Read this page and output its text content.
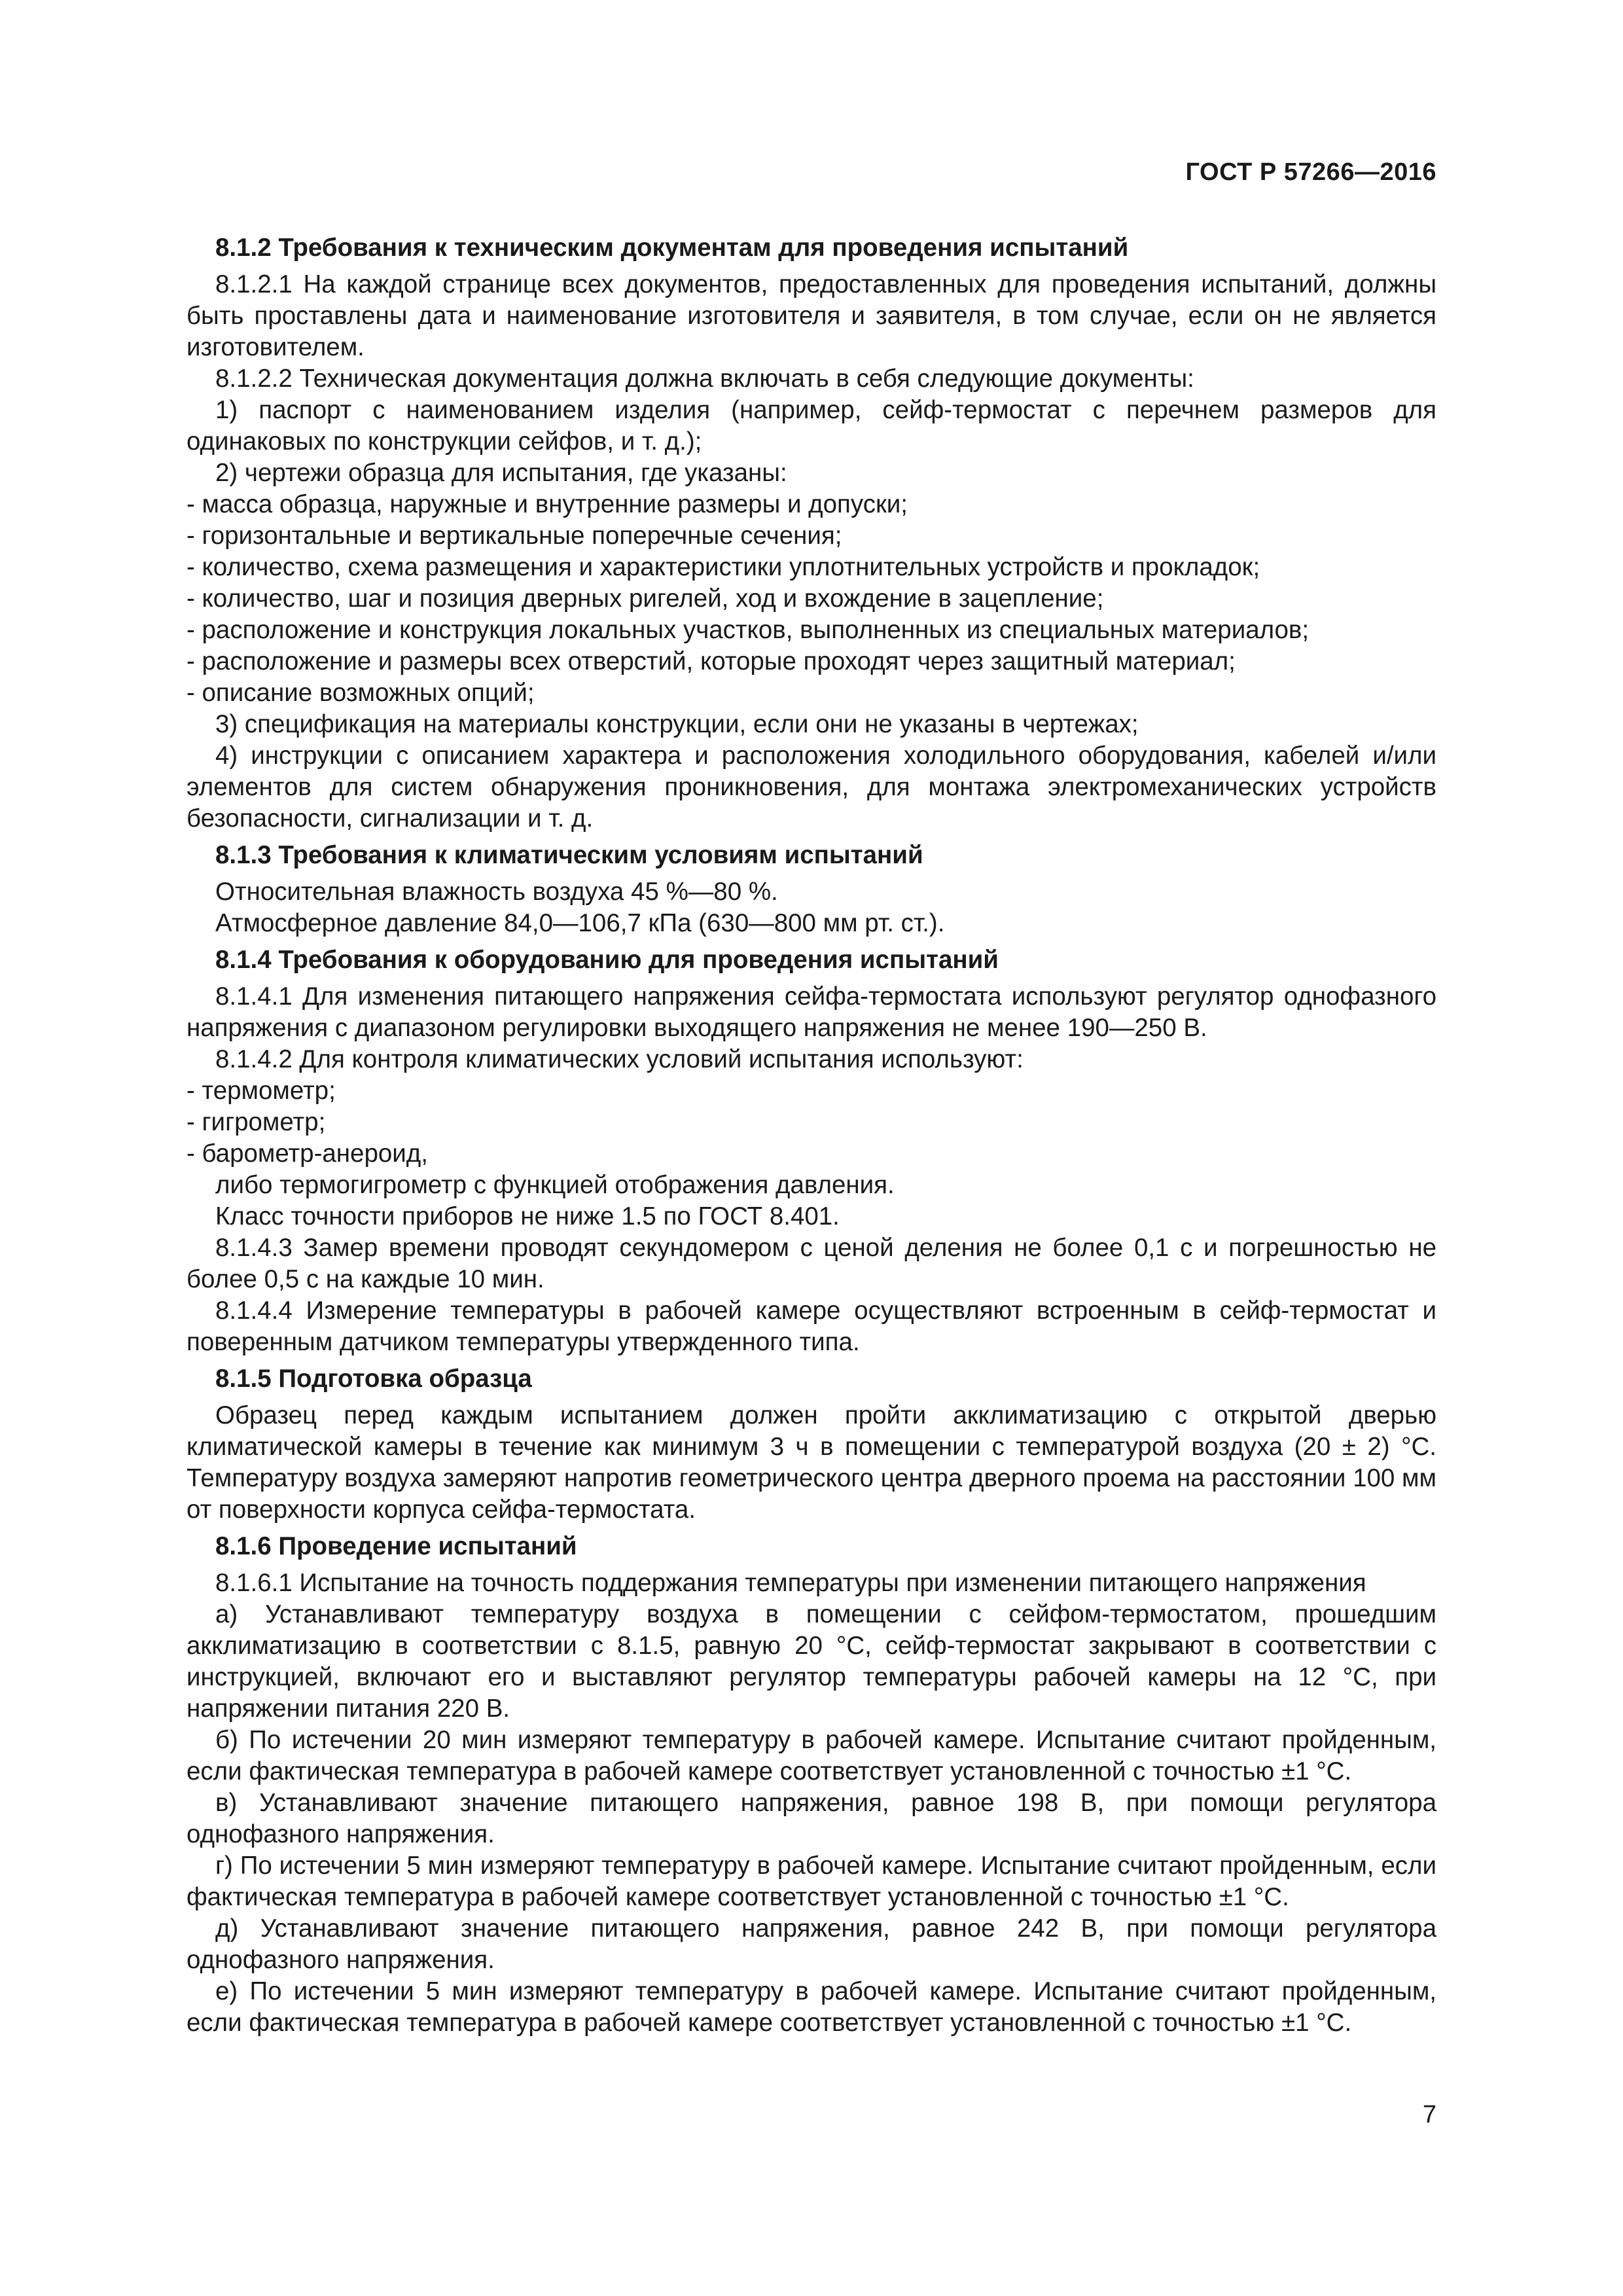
ГОСТ Р 57266—2016

8.1.2 Требования к техническим документам для проведения испытаний

8.1.2.1 На каждой странице всех документов, предоставленных для проведения испытаний, должны быть проставлены дата и наименование изготовителя и заявителя, в том случае, если он не является изготовителем.

8.1.2.2 Техническая документация должна включать в себя следующие документы:

1) паспорт с наименованием изделия (например, сейф-термостат с перечнем размеров для одинаковых по конструкции сейфов, и т. д.);

2) чертежи образца для испытания, где указаны:

- масса образца, наружные и внутренние размеры и допуски;

- горизонтальные и вертикальные поперечные сечения;

- количество, схема размещения и характеристики уплотнительных устройств и прокладок;

- количество, шаг и позиция дверных ригелей, ход и вхождение в зацепление;

- расположение и конструкция локальных участков, выполненных из специальных материалов;

- расположение и размеры всех отверстий, которые проходят через защитный материал;

- описание возможных опций;

3) спецификация на материалы конструкции, если они не указаны в чертежах;

4) инструкции с описанием характера и расположения холодильного оборудования, кабелей и/или элементов для систем обнаружения проникновения, для монтажа электромеханических устройств безопасности, сигнализации и т. д.

8.1.3 Требования к климатическим условиям испытаний

Относительная влажность воздуха 45 %—80 %.

Атмосферное давление 84,0—106,7 кПа (630—800 мм рт. ст.).

8.1.4 Требования к оборудованию для проведения испытаний

8.1.4.1 Для изменения питающего напряжения сейфа-термостата используют регулятор однофазного напряжения с диапазоном регулировки выходящего напряжения не менее 190—250 В.

8.1.4.2 Для контроля климатических условий испытания используют:

- термометр;

- гигрометр;

- барометр-анероид,

либо термогигрометр с функцией отображения давления.

Класс точности приборов не ниже 1.5 по ГОСТ 8.401.

8.1.4.3 Замер времени проводят секундомером с ценой деления не более 0,1 с и погрешностью не более 0,5 с на каждые 10 мин.

8.1.4.4 Измерение температуры в рабочей камере осуществляют встроенным в сейф-термостат и поверенным датчиком температуры утвержденного типа.

8.1.5 Подготовка образца

Образец перед каждым испытанием должен пройти акклиматизацию с открытой дверью климатической камеры в течение как минимум 3 ч в помещении с температурой воздуха (20 ± 2) °С. Температуру воздуха замеряют напротив геометрического центра дверного проема на расстоянии 100 мм от поверхности корпуса сейфа-термостата.

8.1.6 Проведение испытаний

8.1.6.1 Испытание на точность поддержания температуры при изменении питающего напряжения

а) Устанавливают температуру воздуха в помещении с сейфом-термостатом, прошедшим акклиматизацию в соответствии с 8.1.5, равную 20 °С, сейф-термостат закрывают в соответствии с инструкцией, включают его и выставляют регулятор температуры рабочей камеры на 12 °С, при напряжении питания 220 В.

б) По истечении 20 мин измеряют температуру в рабочей камере. Испытание считают пройденным, если фактическая температура в рабочей камере соответствует установленной с точностью ±1 °С.

в) Устанавливают значение питающего напряжения, равное 198 В, при помощи регулятора однофазного напряжения.

г) По истечении 5 мин измеряют температуру в рабочей камере. Испытание считают пройденным, если фактическая температура в рабочей камере соответствует установленной с точностью ±1 °С.

д) Устанавливают значение питающего напряжения, равное 242 В, при помощи регулятора однофазного напряжения.

е) По истечении 5 мин измеряют температуру в рабочей камере. Испытание считают пройденным, если фактическая температура в рабочей камере соответствует установленной с точностью ±1 °С.

7
